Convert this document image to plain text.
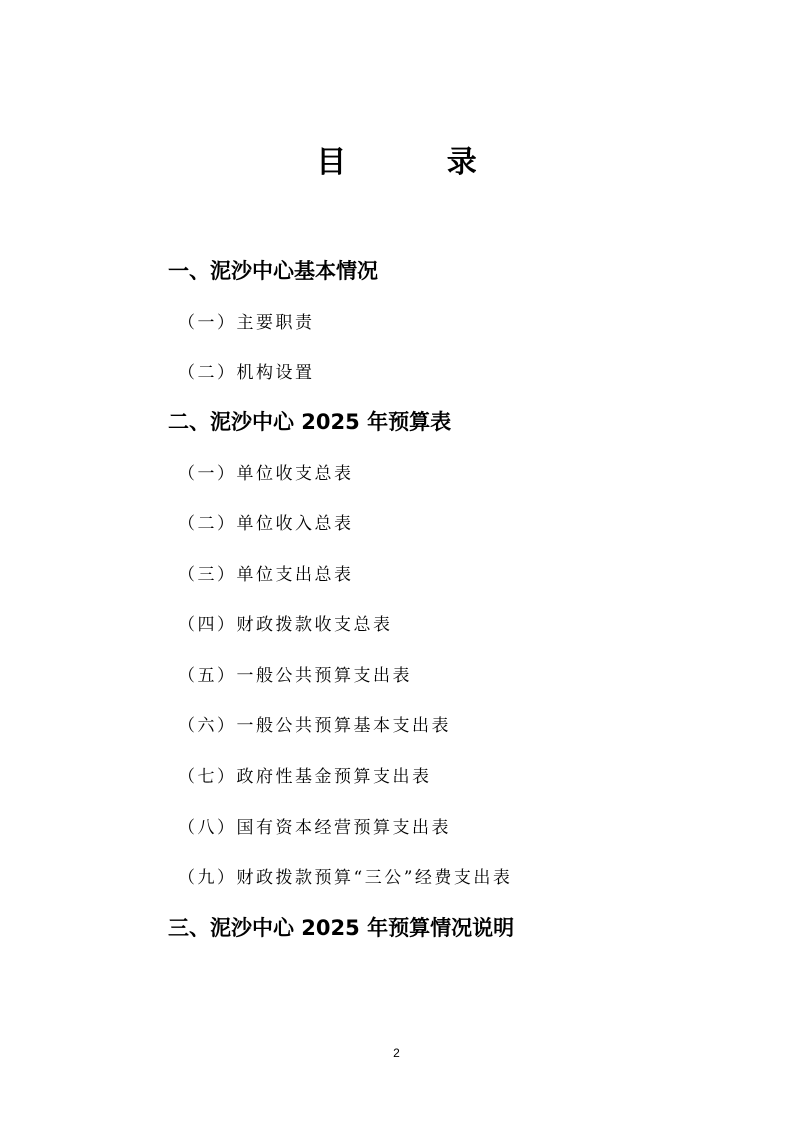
目 录
一、泥沙中心基本情况
（一）主要职责
（二）机构设置
二、泥沙中心 2025 年预算表
（一）单位收支总表
（二）单位收入总表
（三）单位支出总表
（四）财政拨款收支总表
（五）一般公共预算支出表
（六）一般公共预算基本支出表
（七）政府性基金预算支出表
（八）国有资本经营预算支出表
（九）财政拨款预算“三公”经费支出表
三、泥沙中心 2025 年预算情况说明
2
